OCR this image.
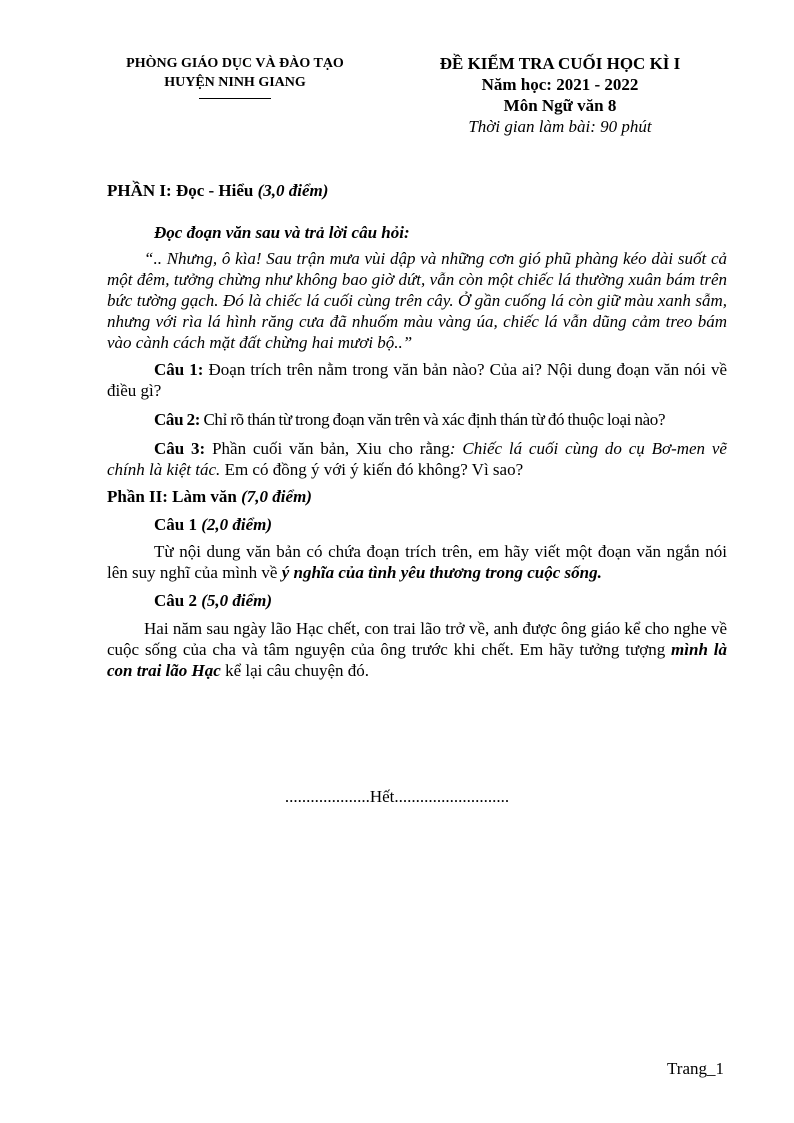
PHÒNG GIÁO DỤC VÀ ĐÀO TẠO
HUYỆN NINH GIANG
ĐỀ KIỂM TRA CUỐI HỌC KÌ I
Năm học: 2021 - 2022
Môn Ngữ văn 8
Thời gian làm bài: 90 phút

PHẦN I: Đọc - Hiểu (3,0 điểm)

Đọc đoạn văn sau và trả lời câu hỏi:

“.. Nhưng, ô kìa! Sau trận mưa vùi dập và những cơn gió phũ phàng kéo dài suốt cả một đêm, tưởng chừng như không bao giờ dứt, vẫn còn một chiếc lá thường xuân bám trên bức tường gạch. Đó là chiếc lá cuối cùng trên cây. Ở gần cuống lá còn giữ màu xanh sẫm, nhưng với rìa lá hình răng cưa đã nhuốm màu vàng úa, chiếc lá vẫn dũng cảm treo bám vào cành cách mặt đất chừng hai mươi bộ..”

Câu 1: Đoạn trích trên nằm trong văn bản nào? Của ai? Nội dung đoạn văn nói về điều gì?

Câu 2: Chỉ rõ thán từ trong đoạn văn trên và xác định thán từ đó thuộc loại nào?

Câu 3: Phần cuối văn bản, Xiu cho rằng: Chiếc lá cuối cùng do cụ Bơ-men vẽ chính là kiệt tác. Em có đồng ý với ý kiến đó không? Vì sao?

Phần II: Làm văn (7,0 điểm)

Câu 1 (2,0 điểm)

Từ nội dung văn bản có chứa đoạn trích trên, em hãy viết một đoạn văn ngắn nói lên suy nghĩ của mình về ý nghĩa của tình yêu thương trong cuộc sống.

Câu 2 (5,0 điểm)

Hai năm sau ngày lão Hạc chết, con trai lão trở về, anh được ông giáo kể cho nghe về cuộc sống của cha và tâm nguyện của ông trước khi chết. Em hãy tưởng tượng mình là con trai lão Hạc kể lại câu chuyện đó.

....................Hết...........................
Trang_1
